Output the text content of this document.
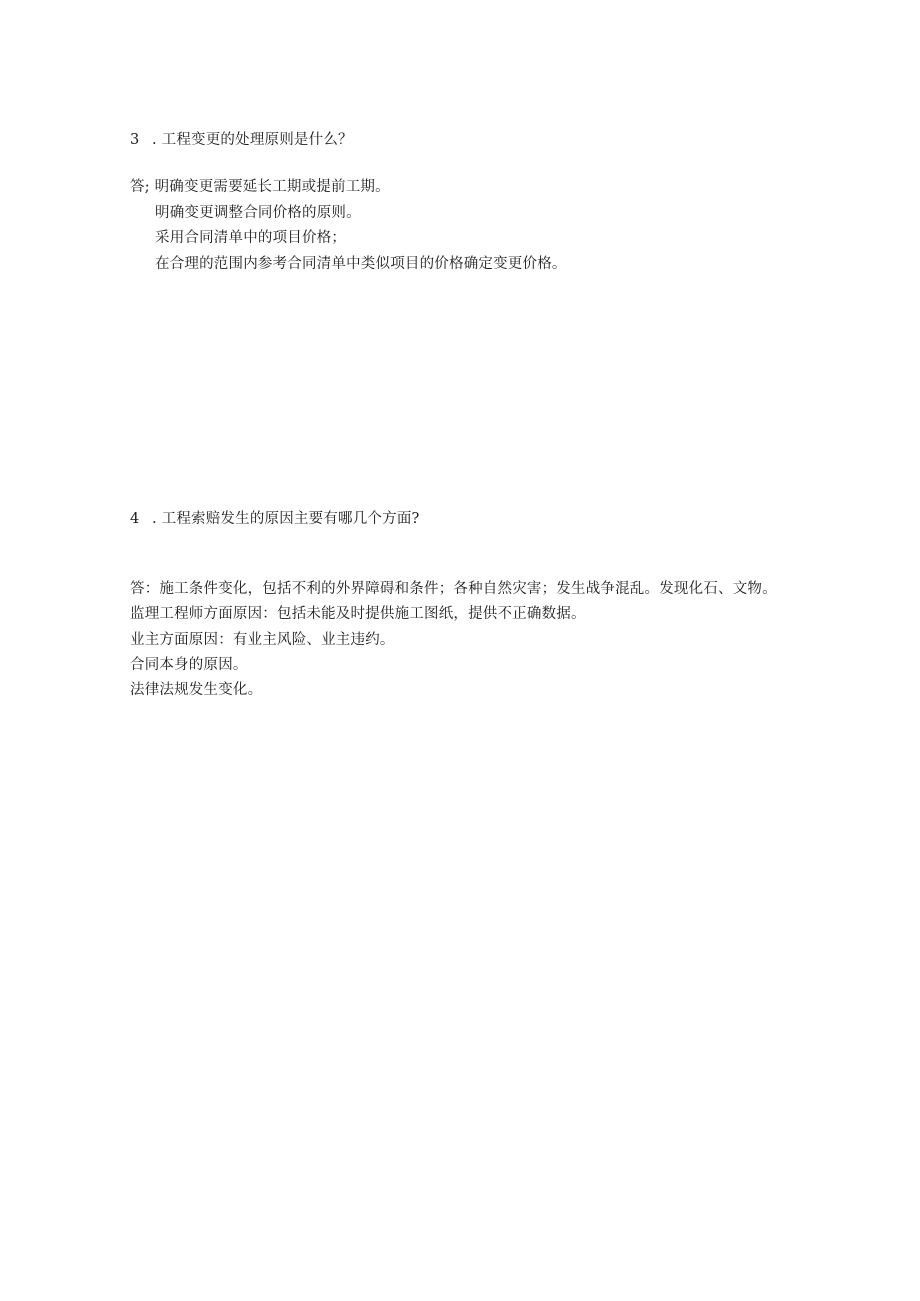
3 . 工程变更的处理原则是什么？
答; 明确变更需要延长工期或提前工期。
明确变更调整合同价格的原则。
采用合同清单中的项目价格；
在合理的范围内参考合同清单中类似项目的价格确定变更价格。
4 . 工程索赔发生的原因主要有哪几个方面?
答：施工条件变化，包括不利的外界障碍和条件；各种自然灾害；发生战争混乱。发现化石、文物。
监理工程师方面原因：包括未能及时提供施工图纸，提供不正确数据。
业主方面原因：有业主风险、业主违约。
合同本身的原因。
法律法规发生变化。
